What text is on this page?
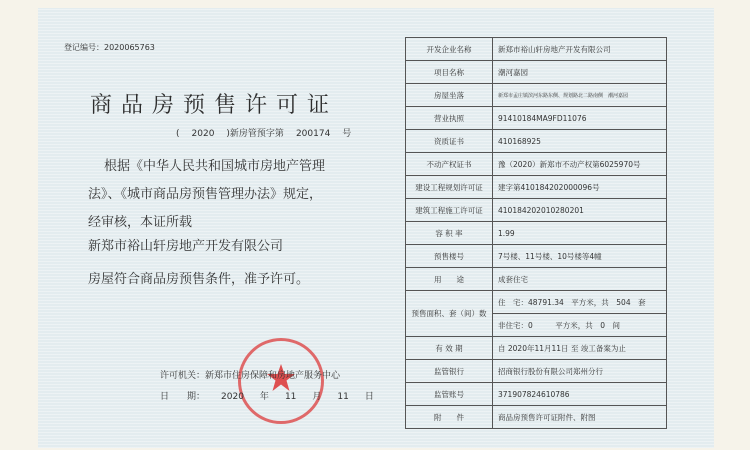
登记编号：2020065763
商品房预售许可证
( 2020 )新房管预字第 200174 号
根据《中华人民共和国城市房地产管理
法》、《城市商品房预售管理办法》规定，
经审核，本证所载
新郑市裕山轩房地产开发有限公司
房屋符合商品房预售条件，准予许可。
许可机关：新郑市住房保障和房地产服务中心
日　　期： 2020 年 11 月 11 日
开发企业名称	新郑市裕山轩房地产开发有限公司
项目名称	潮河嘉园
房屋坐落	新郑市孟庄镇滨河东路东侧、规划路北二路南侧　潮河嘉园
营业执照	91410184MA9FD11076
资质证书	410168925
不动产权证书	豫（2020）新郑市不动产权第6025970号
建设工程规划许可证	建字第410184202000096号
建筑工程施工许可证	410184202010280201
容 积 率	1.99
预售楼号	7号楼、11号楼、10号楼等4幢
用　　途	成套住宅
预售面积、套（间）数	住　宅：48791.34　平方米，共　504　套
	非住宅：0　　　平方米，共　0　间
有 效 期	自 2020年11月11日 至 竣工备案为止
监管银行	招商银行股份有限公司郑州分行
监管账号	371907824610786
附　　件	商品房预售许可证附件、附图
